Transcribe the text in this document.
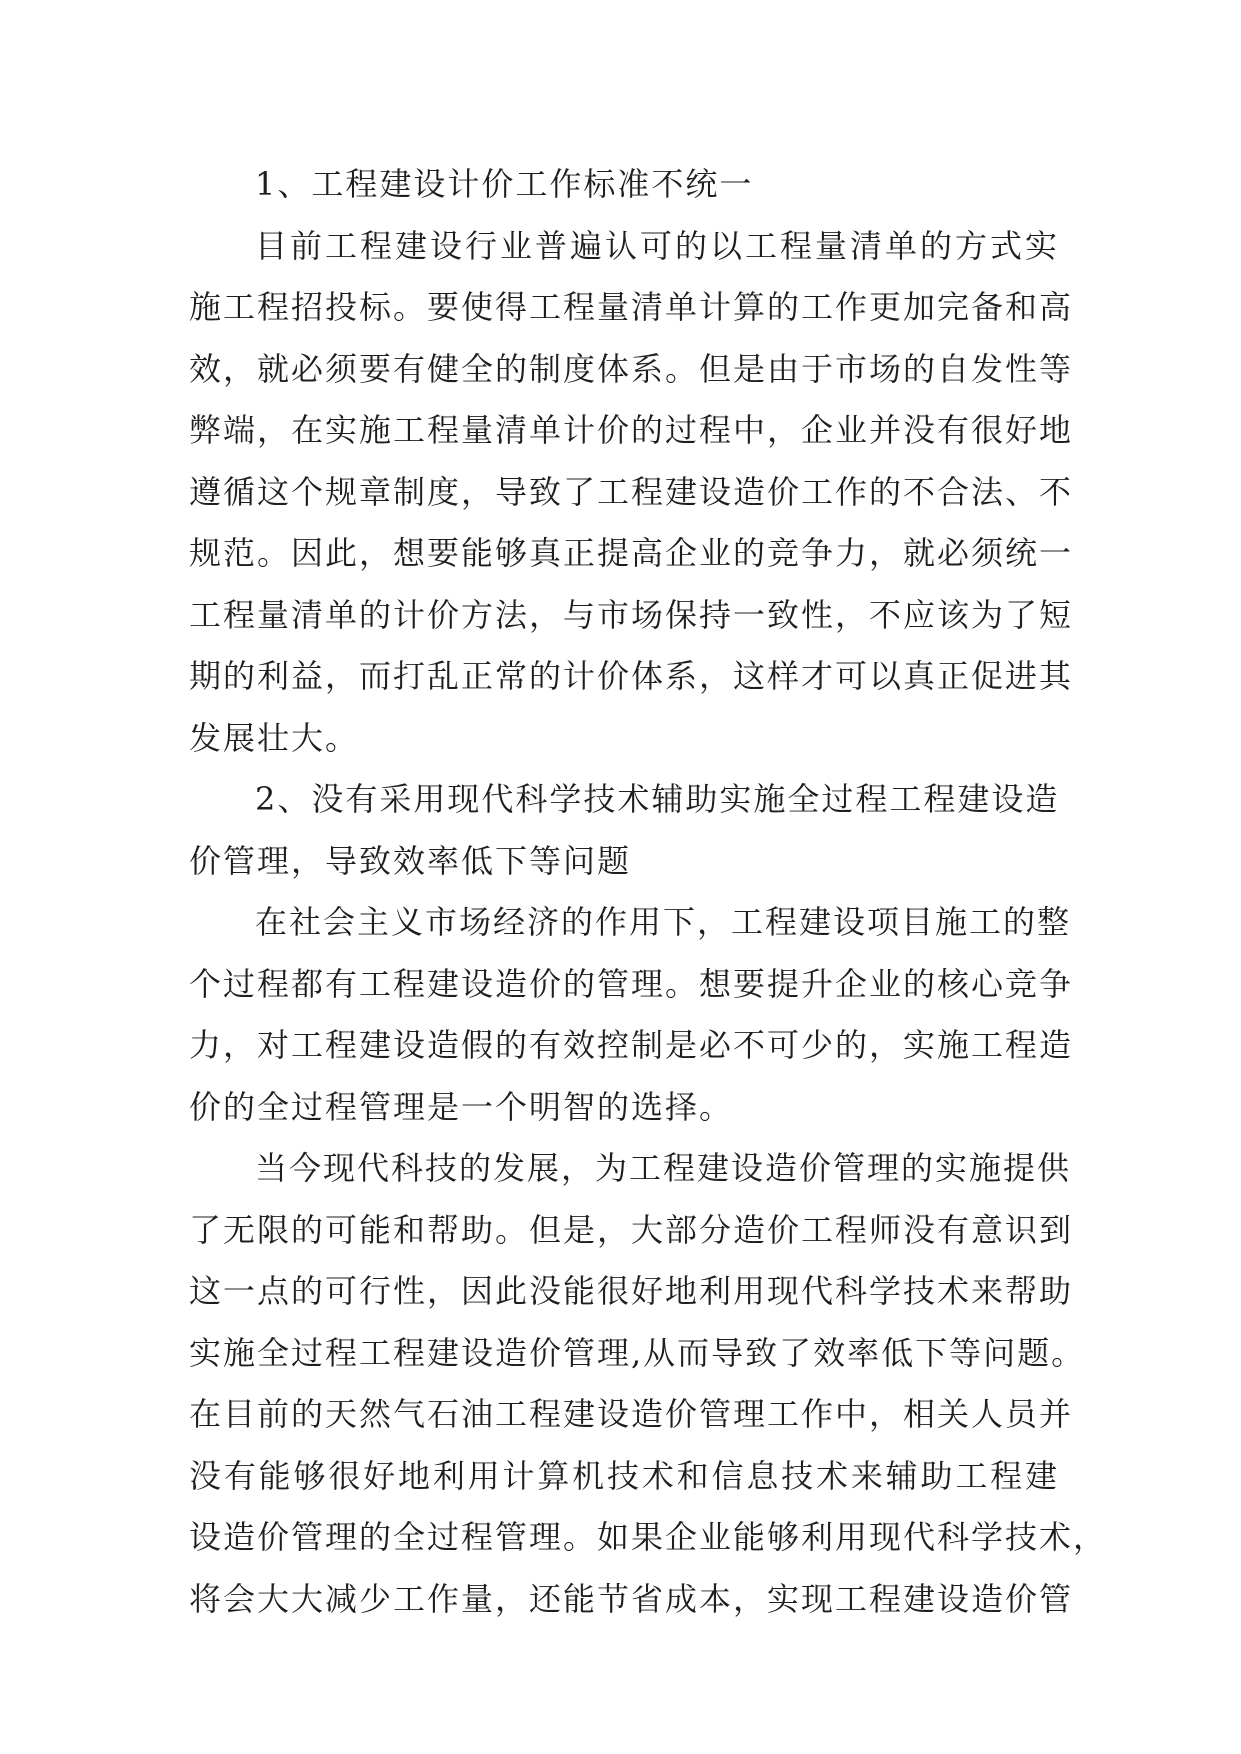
1、工程建设计价工作标准不统一
目前工程建设行业普遍认可的以工程量清单的方式实
施工程招投标。要使得工程量清单计算的工作更加完备和高
效，就必须要有健全的制度体系。但是由于市场的自发性等
弊端，在实施工程量清单计价的过程中，企业并没有很好地
遵循这个规章制度，导致了工程建设造价工作的不合法、不
规范。因此，想要能够真正提高企业的竞争力，就必须统一
工程量清单的计价方法，与市场保持一致性，不应该为了短
期的利益，而打乱正常的计价体系，这样才可以真正促进其
发展壮大。
2、没有采用现代科学技术辅助实施全过程工程建设造
价管理，导致效率低下等问题
在社会主义市场经济的作用下，工程建设项目施工的整
个过程都有工程建设造价的管理。想要提升企业的核心竞争
力，对工程建设造假的有效控制是必不可少的，实施工程造
价的全过程管理是一个明智的选择。
当今现代科技的发展，为工程建设造价管理的实施提供
了无限的可能和帮助。但是，大部分造价工程师没有意识到
这一点的可行性，因此没能很好地利用现代科学技术来帮助
实施全过程工程建设造价管理,从而导致了效率低下等问题。
在目前的天然气石油工程建设造价管理工作中，相关人员并
没有能够很好地利用计算机技术和信息技术来辅助工程建
设造价管理的全过程管理。如果企业能够利用现代科学技术，
将会大大减少工作量，还能节省成本，实现工程建设造价管
